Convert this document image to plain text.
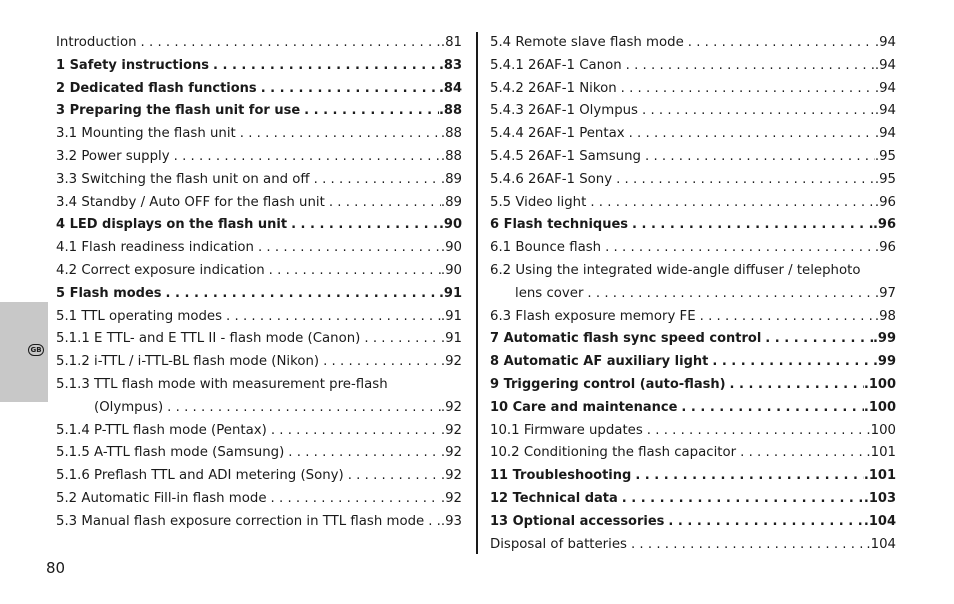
GB
Introduction . . .	.81
1 Safety instructions . . .	.83
2 Dedicated flash functions . . .	.84
3 Preparing the flash unit for use . . .	.88
3.1 Mounting the flash unit . . .	.88
3.2 Power supply . . .	.88
3.3 Switching the flash unit on and off . . .	.89
3.4 Standby / Auto OFF for the flash unit . . .	.89
4 LED displays on the flash unit . . .	.90
4.1 Flash readiness indication . . .	.90
4.2 Correct exposure indication . . .	.90
5 Flash modes . . .	.91
5.1 TTL operating modes . . .	.91
5.1.1 E TTL- and E TTL II - flash mode (Canon) . . .	.91
5.1.2 i-TTL / i-TTL-BL flash mode (Nikon) . . .	.92
5.1.3 TTL flash mode with measurement pre-flash
(Olympus) . . .	.92
5.1.4 P-TTL flash mode (Pentax) . . .	.92
5.1.5 A-TTL flash mode (Samsung) . . .	.92
5.1.6 Preflash TTL and ADI metering (Sony) . . .	.92
5.2 Automatic Fill-in flash mode . . .	.92
5.3 Manual flash exposure correction in TTL flash mode . . .	.93
5.4 Remote slave flash mode . . .	.94
5.4.1 26AF-1 Canon . . .	.94
5.4.2 26AF-1 Nikon . . .	.94
5.4.3 26AF-1 Olympus . . .	.94
5.4.4 26AF-1 Pentax . . .	.94
5.4.5 26AF-1 Samsung . . .	.95
5.4.6 26AF-1 Sony . . .	.95
5.5 Video light . . .	.96
6 Flash techniques . . .	.96
6.1 Bounce flash . . .	.96
6.2 Using the integrated wide-angle diffuser / telephoto
lens cover . . .	.97
6.3 Flash exposure memory FE . . .	.98
7 Automatic flash sync speed control . . .	.99
8 Automatic AF auxiliary light . . .	.99
9 Triggering control (auto-flash) . . .	.100
10 Care and maintenance . . .	.100
10.1 Firmware updates . . .	.100
10.2 Conditioning the flash capacitor . . .	.101
11 Troubleshooting . . .	.101
12 Technical data . . .	.103
13 Optional accessories . . .	.104
Disposal of batteries . . .	.104
80
